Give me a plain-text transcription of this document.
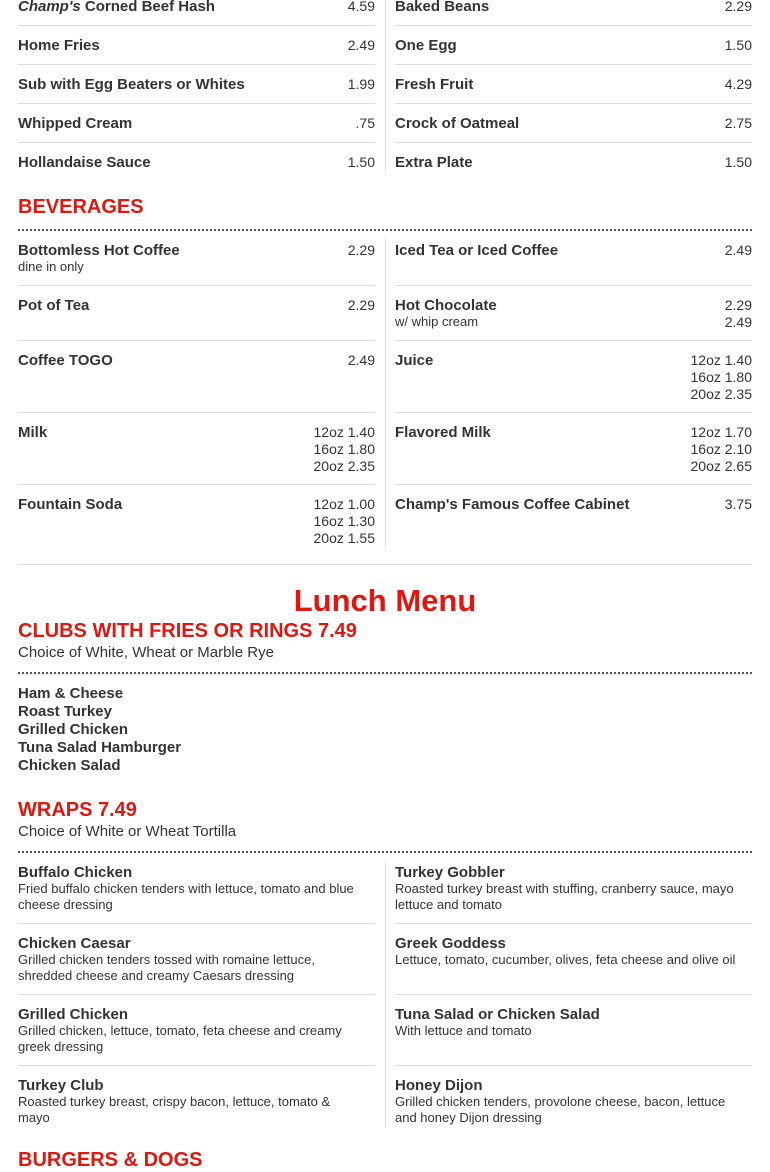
Champ's Corned Beef Hash	4.59
Home Fries	2.49
Sub with Egg Beaters or Whites	1.99
Whipped Cream	.75
Hollandaise Sauce	1.50
Baked Beans	2.29
One Egg	1.50
Fresh Fruit	4.29
Crock of Oatmeal	2.75
Extra Plate	1.50
BEVERAGES
Bottomless Hot Coffee
dine in only
2.29
Pot of Tea	2.29
Coffee TOGO	2.49
Milk	12oz 1.40
16oz 1.80
20oz 2.35
Fountain Soda	12oz 1.00
16oz 1.30
20oz 1.55
Iced Tea or Iced Coffee	2.49
Hot Chocolate
w/ whip cream
2.29
2.49
Juice	12oz 1.40
16oz 1.80
20oz 2.35
Flavored Milk	12oz 1.70
16oz 2.10
20oz 2.65
Champ's Famous Coffee Cabinet	3.75
Lunch Menu
CLUBS WITH FRIES OR RINGS 7.49
Choice of White, Wheat or Marble Rye
Ham & Cheese
Roast Turkey
Grilled Chicken
Tuna Salad Hamburger
Chicken Salad
WRAPS 7.49
Choice of White or Wheat Tortilla
Buffalo Chicken
Fried buffalo chicken tenders with lettuce, tomato and blue cheese dressing
Chicken Caesar
Grilled chicken tenders tossed with romaine lettuce, shredded cheese and creamy Caesars dressing
Grilled Chicken
Grilled chicken, lettuce, tomato, feta cheese and creamy greek dressing
Turkey Club
Roasted turkey breast, crispy bacon, lettuce, tomato & mayo
Turkey Gobbler
Roasted turkey breast with stuffing, cranberry sauce, mayo lettuce and tomato
Greek Goddess
Lettuce, tomato, cucumber, olives, feta cheese and olive oil
Tuna Salad or Chicken Salad
With lettuce and tomato
Honey Dijon
Grilled chicken tenders, provolone cheese, bacon, lettuce and honey Dijon dressing
BURGERS & DOGS
